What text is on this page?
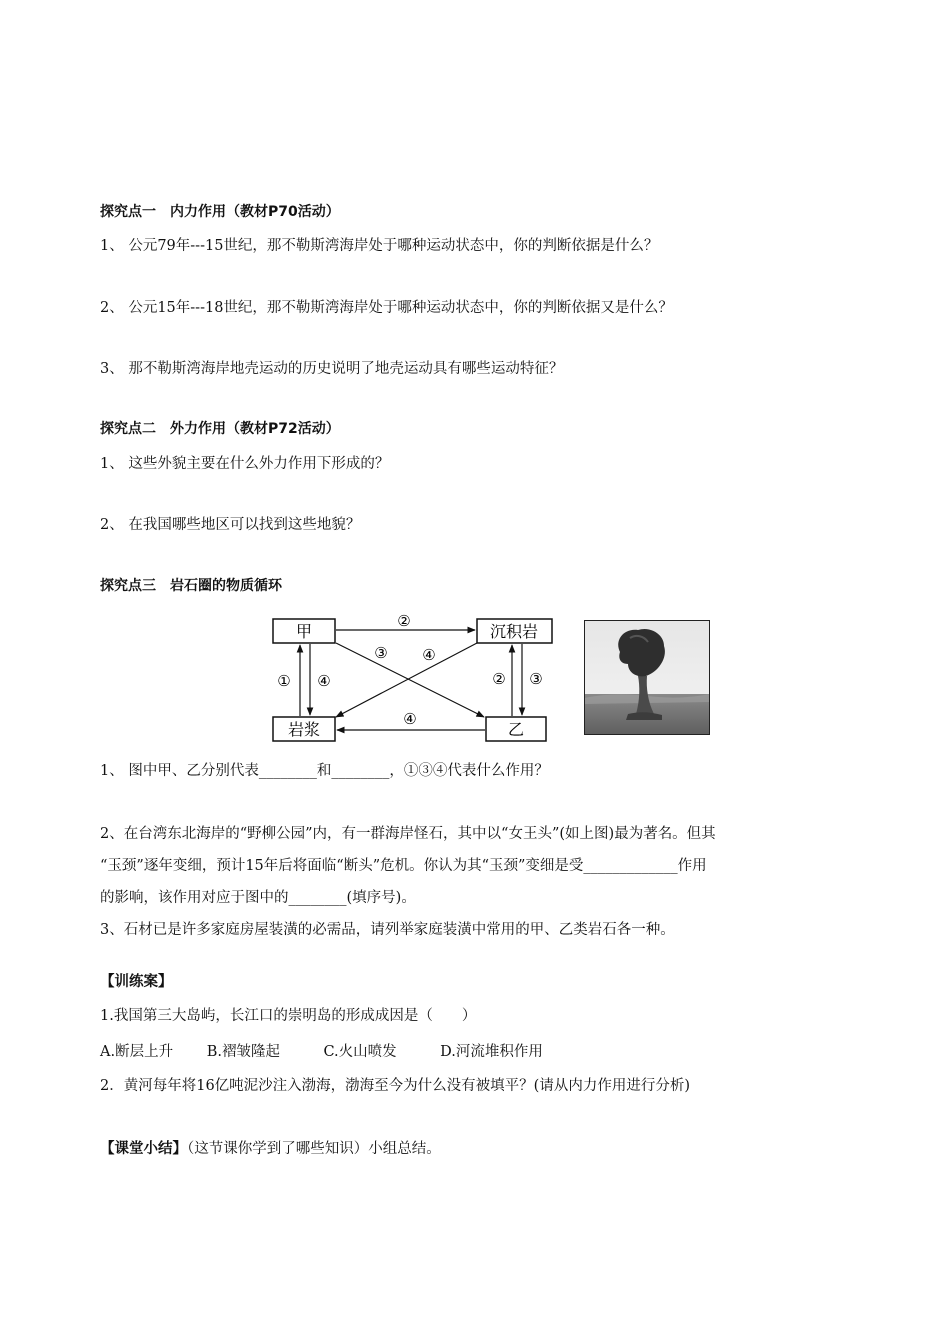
探究点一　内力作用（教材P70活动）
1、 公元79年---15世纪，那不勒斯湾海岸处于哪种运动状态中，你的判断依据是什么？
2、 公元15年---18世纪，那不勒斯湾海岸处于哪种运动状态中，你的判断依据又是什么？
3、 那不勒斯湾海岸地壳运动的历史说明了地壳运动具有哪些运动特征？
探究点二　外力作用（教材P72活动）
1、 这些外貌主要在什么外力作用下形成的？
2、 在我国哪些地区可以找到这些地貌？
探究点三　岩石圈的物质循环
甲	沉积岩
岩浆	乙
②
③ ④
① ④	② ③
④
1、 图中甲、乙分别代表________和________，①③④代表什么作用？
2、在台湾东北海岸的“野柳公园”内，有一群海岸怪石，其中以“女王头”(如上图)最为著名。但其
“玉颈”逐年变细，预计15年后将面临“断头”危机。你认为其“玉颈”变细是受_____________作用
的影响，该作用对应于图中的________(填序号)。
3、石材已是许多家庭房屋装潢的必需品，请列举家庭装潢中常用的甲、乙类岩石各一种。
【训练案】
1.我国第三大岛屿，长江口的崇明岛的形成成因是（　　）
A.断层上升　　 B.褶皱隆起　　　C.火山喷发　　　D.河流堆积作用
2．黄河每年将16亿吨泥沙注入渤海，渤海至今为什么没有被填平？(请从内力作用进行分析)
【课堂小结】（这节课你学到了哪些知识）小组总结。
